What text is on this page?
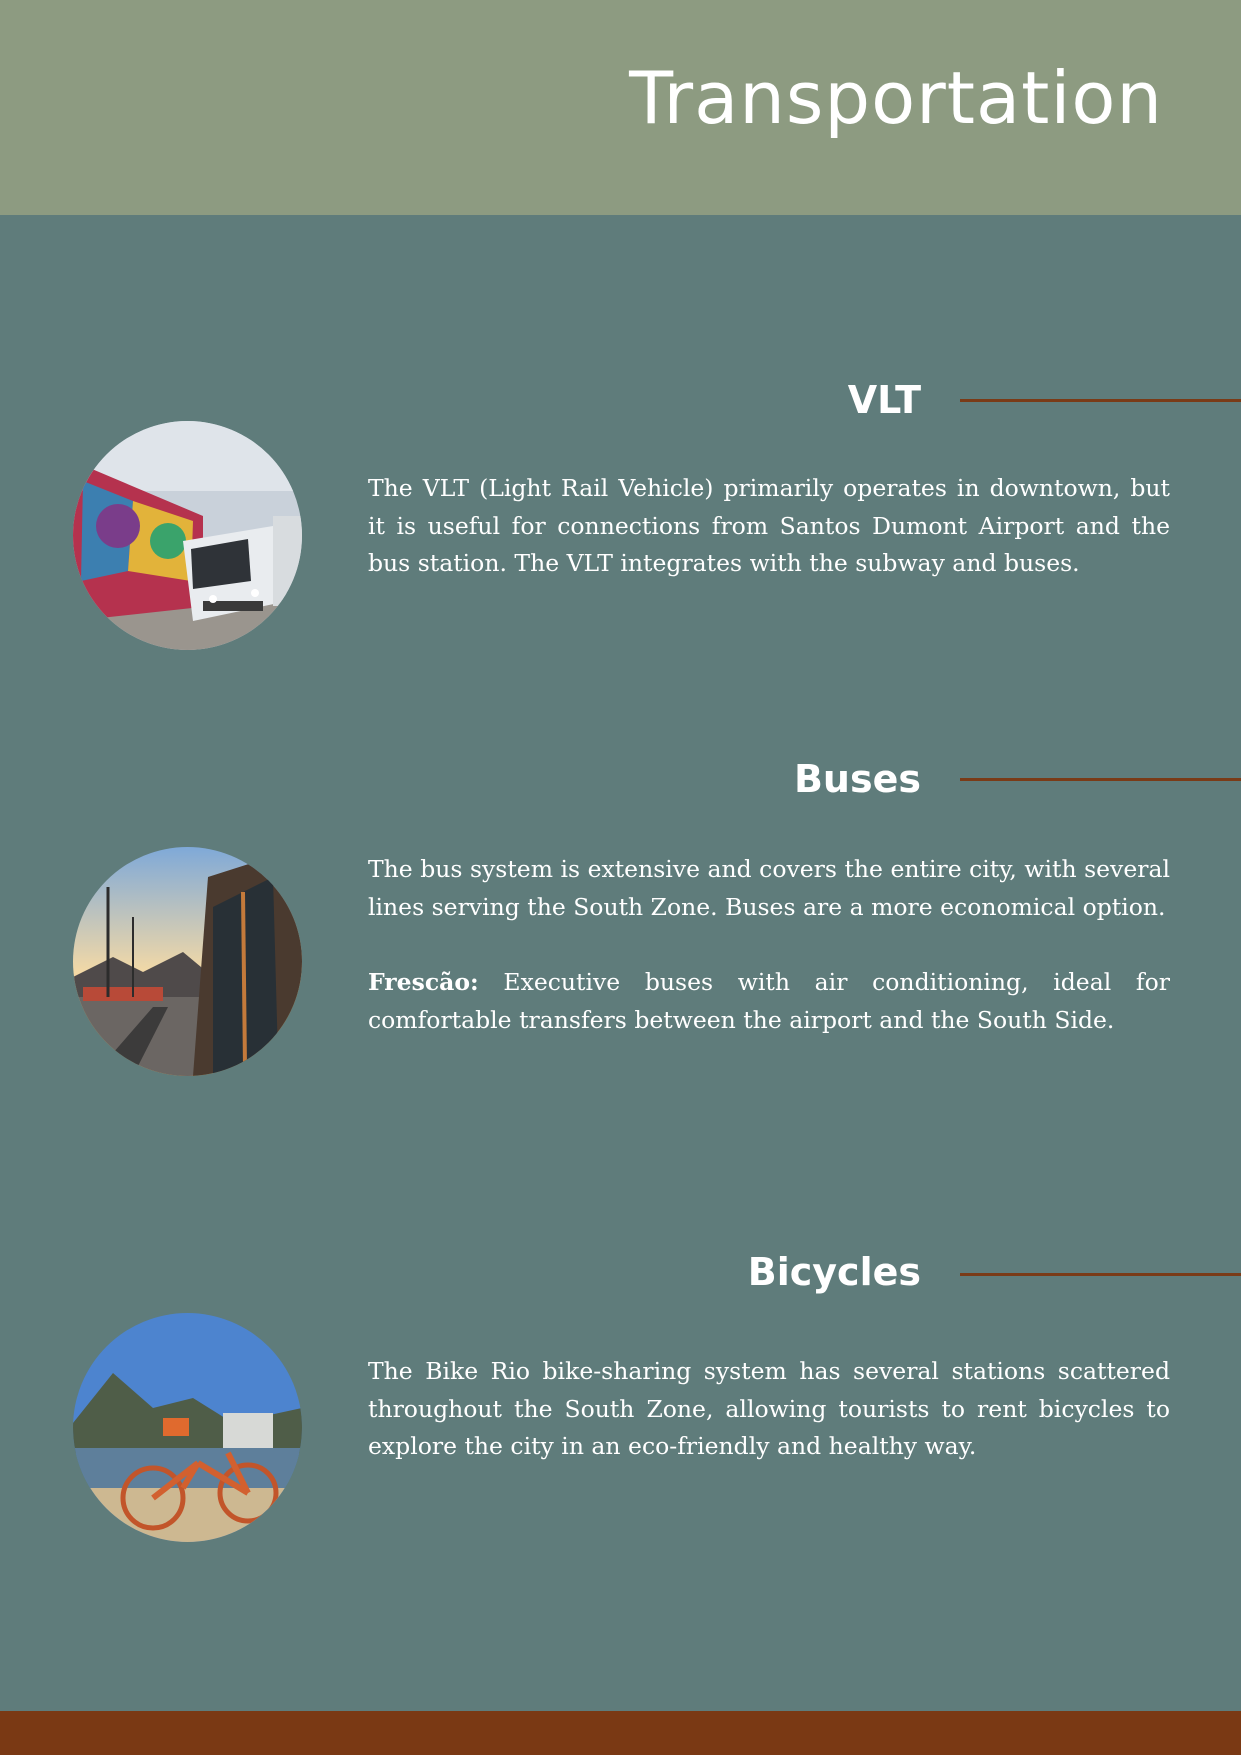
Transportation
VLT

The VLT (Light Rail Vehicle) primarily operates in downtown, but it is useful for connections from Santos Dumont Airport and the bus station. The VLT integrates with the subway and buses.

Buses

The bus system is extensive and covers the entire city, with several lines serving the South Zone. Buses are a more economical option.

Frescão: Executive buses with air conditioning, ideal for comfortable transfers between the airport and the South Side.

Bicycles

The Bike Rio bike-sharing system has several stations scattered throughout the South Zone, allowing tourists to rent bicycles to explore the city in an eco-friendly and healthy way.
